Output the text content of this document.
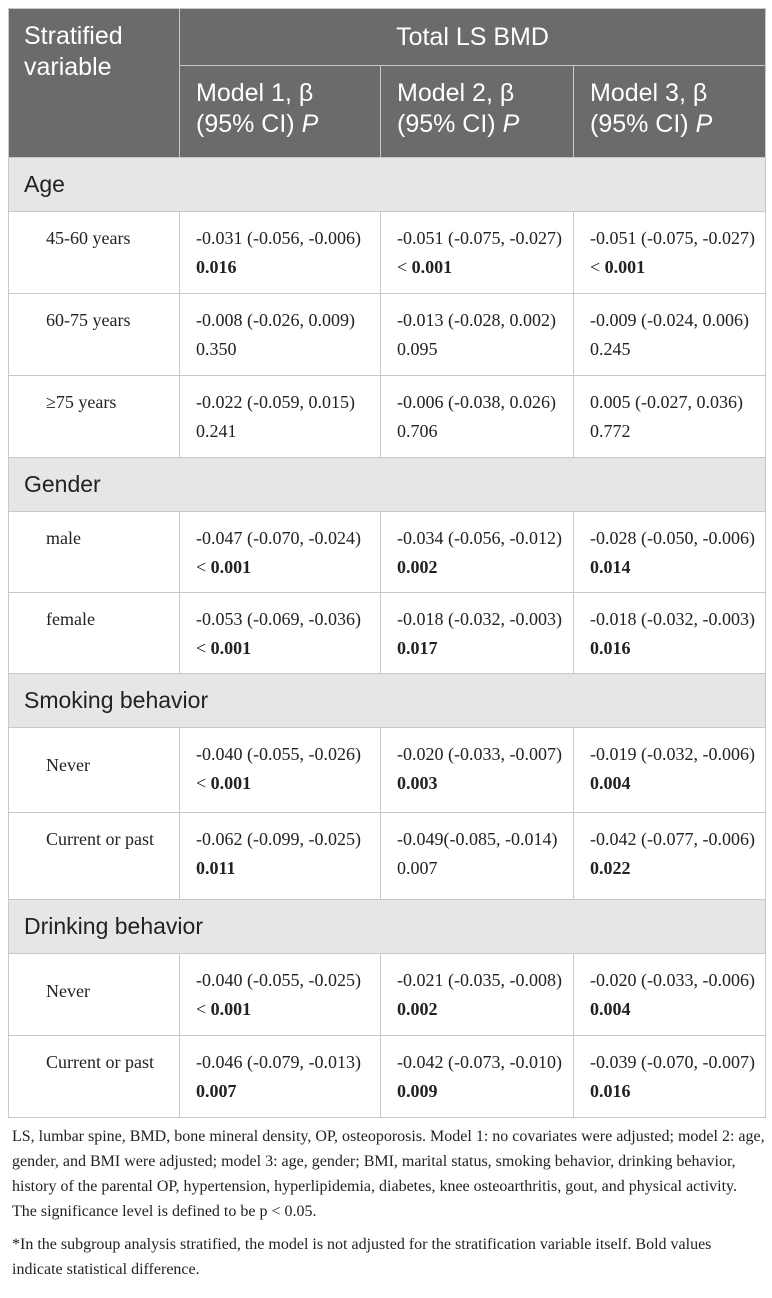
Stratified variable	Total LS BMD		
	Model 1, β (95% CI) P	Model 2, β (95% CI) P	Model 3, β (95% CI) P
Age			
45-60 years	-0.031 (-0.056, -0.006) 0.016	-0.051 (-0.075, -0.027) < 0.001	-0.051 (-0.075, -0.027) < 0.001
60-75 years	-0.008 (-0.026, 0.009) 0.350	-0.013 (-0.028, 0.002) 0.095	-0.009 (-0.024, 0.006) 0.245
≥75 years	-0.022 (-0.059, 0.015) 0.241	-0.006 (-0.038, 0.026) 0.706	0.005 (-0.027, 0.036) 0.772
Gender			
male	-0.047 (-0.070, -0.024) < 0.001	-0.034 (-0.056, -0.012) 0.002	-0.028 (-0.050, -0.006) 0.014
female	-0.053 (-0.069, -0.036) < 0.001	-0.018 (-0.032, -0.003) 0.017	-0.018 (-0.032, -0.003) 0.016
Smoking behavior			
Never	-0.040 (-0.055, -0.026) < 0.001	-0.020 (-0.033, -0.007) 0.003	-0.019 (-0.032, -0.006) 0.004
Current or past	-0.062 (-0.099, -0.025) 0.011	-0.049(-0.085, -0.014) 0.007	-0.042 (-0.077, -0.006) 0.022
Drinking behavior			
Never	-0.040 (-0.055, -0.025) < 0.001	-0.021 (-0.035, -0.008) 0.002	-0.020 (-0.033, -0.006) 0.004
Current or past	-0.046 (-0.079, -0.013) 0.007	-0.042 (-0.073, -0.010) 0.009	-0.039 (-0.070, -0.007) 0.016

LS, lumbar spine, BMD, bone mineral density, OP, osteoporosis. Model 1: no covariates were adjusted; model 2: age, gender, and BMI were adjusted; model 3: age, gender; BMI, marital status, smoking behavior, drinking behavior, history of the parental OP, hypertension, hyperlipidemia, diabetes, knee osteoarthritis, gout, and physical activity. The significance level is defined to be p < 0.05.

*In the subgroup analysis stratified, the model is not adjusted for the stratification variable itself. Bold values indicate statistical difference.
